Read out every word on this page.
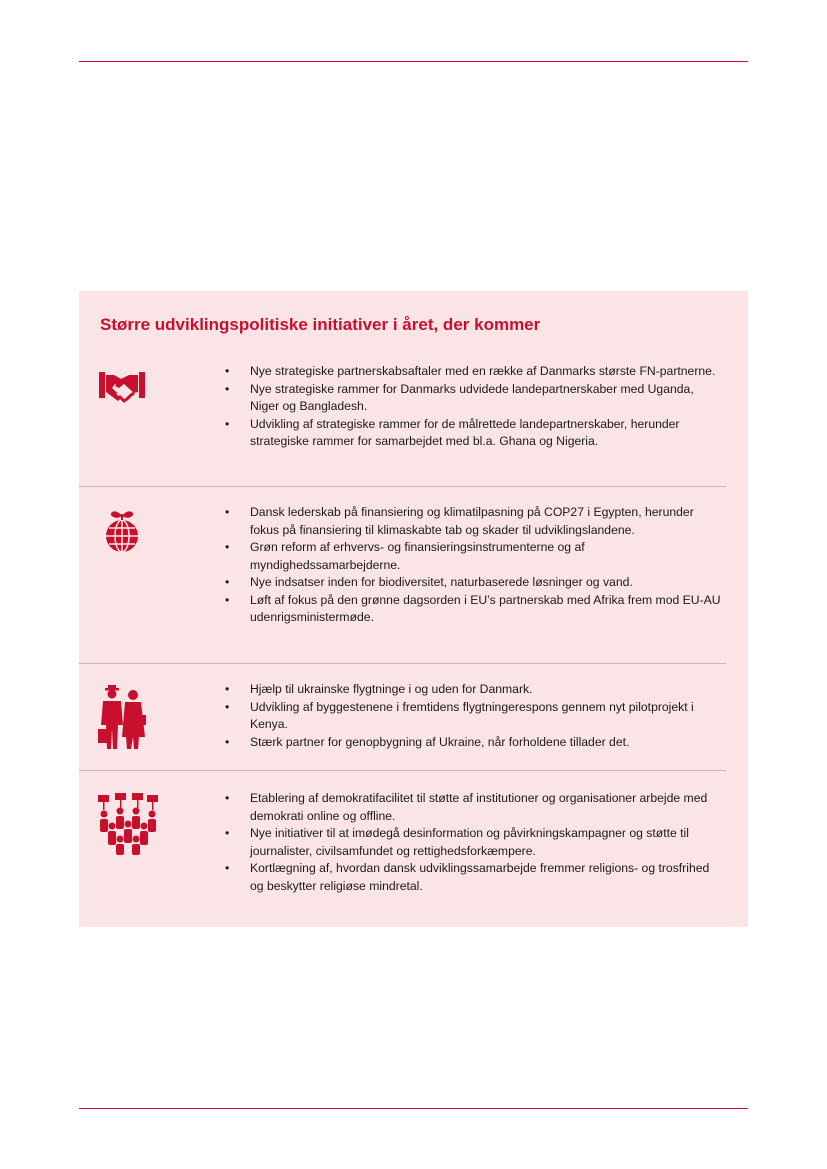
Større udviklingspolitiske initiativer i året, der kommer
• Nye strategiske partnerskabsaftaler med en række af Danmarks største FN-partnerne.
• Nye strategiske rammer for Danmarks udvidede landepartnerskaber med Uganda, Niger og Bangladesh.
• Udvikling af strategiske rammer for de målrettede landepartnerskaber, herunder strategiske rammer for samarbejdet med bl.a. Ghana og Nigeria.
• Dansk lederskab på finansiering og klimatilpasning på COP27 i Egypten, herunder fokus på finansiering til klimaskabte tab og skader til udviklingslandene.
• Grøn reform af erhvervs- og finansieringsinstrumenterne og af myndighedssamarbejderne.
• Nye indsatser inden for biodiversitet, naturbaserede løsninger og vand.
• Løft af fokus på den grønne dagsorden i EU’s partnerskab med Afrika frem mod EU-AU udenrigsministermøde.
• Hjælp til ukrainske flygtninge i og uden for Danmark.
• Udvikling af byggestenene i fremtidens flygtningerespons gennem nyt pilotprojekt i Kenya.
• Stærk partner for genopbygning af Ukraine, når forholdene tillader det.
• Etablering af demokratifacilitet til støtte af institutioner og organisationer arbejde med demokrati online og offline.
• Nye initiativer til at imødegå desinformation og påvirkningskampagner og støtte til journalister, civilsamfundet og rettighedsforkæmpere.
• Kortlægning af, hvordan dansk udviklingssamarbejde fremmer religions- og trosfrihed og beskytter religiøse mindretal.
